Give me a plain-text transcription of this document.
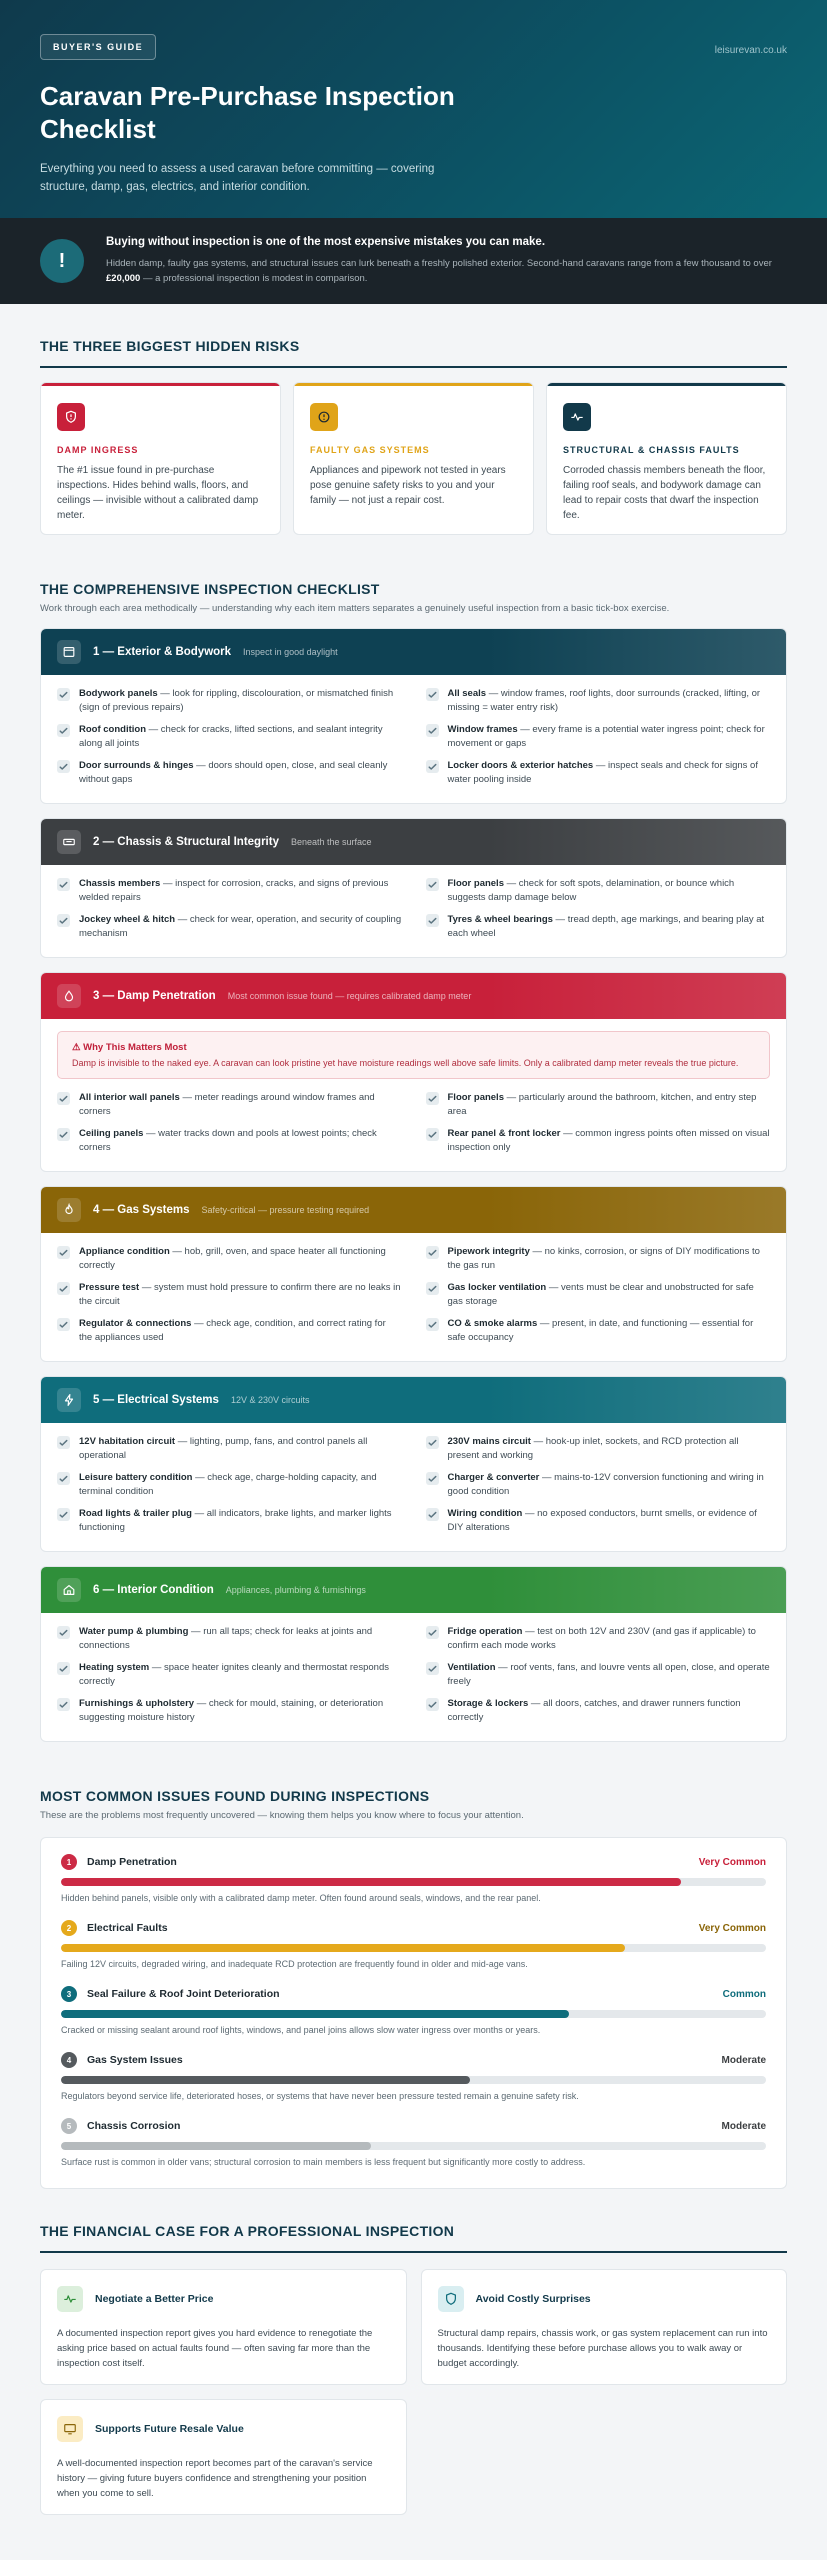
BUYER'S GUIDE	leisurevan.co.uk
Caravan Pre-Purchase Inspection Checklist

Everything you need to assess a used caravan before committing — covering structure, damp, gas, electrics, and interior condition.

!
Buying without inspection is one of the most expensive mistakes you can make.
Hidden damp, faulty gas systems, and structural issues can lurk beneath a freshly polished exterior. Second-hand caravans range from a few thousand to over £20,000 — a professional inspection is modest in comparison.
THE THREE BIGGEST HIDDEN RISKS
DAMP INGRESS
The #1 issue found in pre-purchase inspections. Hides behind walls, floors, and ceilings — invisible without a calibrated damp meter.
FAULTY GAS SYSTEMS
Appliances and pipework not tested in years pose genuine safety risks to you and your family — not just a repair cost.
STRUCTURAL & CHASSIS FAULTS
Corroded chassis members beneath the floor, failing roof seals, and bodywork damage can lead to repair costs that dwarf the inspection fee.
THE COMPREHENSIVE INSPECTION CHECKLIST

Work through each area methodically — understanding why each item matters separates a genuinely useful inspection from a basic tick-box exercise.

1 — Exterior & Bodywork Inspect in good daylight
Bodywork panels — look for rippling, discolouration, or mismatched finish (sign of previous repairs)
All seals — window frames, roof lights, door surrounds (cracked, lifting, or missing = water entry risk)
Roof condition — check for cracks, lifted sections, and sealant integrity along all joints
Window frames — every frame is a potential water ingress point; check for movement or gaps
Door surrounds & hinges — doors should open, close, and seal cleanly without gaps
Locker doors & exterior hatches — inspect seals and check for signs of water pooling inside
2 — Chassis & Structural Integrity Beneath the surface
Chassis members — inspect for corrosion, cracks, and signs of previous welded repairs
Floor panels — check for soft spots, delamination, or bounce which suggests damp damage below
Jockey wheel & hitch — check for wear, operation, and security of coupling mechanism
Tyres & wheel bearings — tread depth, age markings, and bearing play at each wheel
3 — Damp Penetration Most common issue found — requires calibrated damp meter
⚠ Why This Matters Most
Damp is invisible to the naked eye. A caravan can look pristine yet have moisture readings well above safe limits. Only a calibrated damp meter reveals the true picture.
All interior wall panels — meter readings around window frames and corners
Floor panels — particularly around the bathroom, kitchen, and entry step area
Ceiling panels — water tracks down and pools at lowest points; check corners
Rear panel & front locker — common ingress points often missed on visual inspection only
4 — Gas Systems Safety-critical — pressure testing required
Appliance condition — hob, grill, oven, and space heater all functioning correctly
Pipework integrity — no kinks, corrosion, or signs of DIY modifications to the gas run
Pressure test — system must hold pressure to confirm there are no leaks in the circuit
Gas locker ventilation — vents must be clear and unobstructed for safe gas storage
Regulator & connections — check age, condition, and correct rating for the appliances used
CO & smoke alarms — present, in date, and functioning — essential for safe occupancy
5 — Electrical Systems 12V & 230V circuits
12V habitation circuit — lighting, pump, fans, and control panels all operational
230V mains circuit — hook-up inlet, sockets, and RCD protection all present and working
Leisure battery condition — check age, charge-holding capacity, and terminal condition
Charger & converter — mains-to-12V conversion functioning and wiring in good condition
Road lights & trailer plug — all indicators, brake lights, and marker lights functioning
Wiring condition — no exposed conductors, burnt smells, or evidence of DIY alterations
6 — Interior Condition Appliances, plumbing & furnishings
Water pump & plumbing — run all taps; check for leaks at joints and connections
Fridge operation — test on both 12V and 230V (and gas if applicable) to confirm each mode works
Heating system — space heater ignites cleanly and thermostat responds correctly
Ventilation — roof vents, fans, and louvre vents all open, close, and operate freely
Furnishings & upholstery — check for mould, staining, or deterioration suggesting moisture history
Storage & lockers — all doors, catches, and drawer runners function correctly
MOST COMMON ISSUES FOUND DURING INSPECTIONS

These are the problems most frequently uncovered — knowing them helps you know where to focus your attention.

1	Damp Penetration	Very Common
Hidden behind panels, visible only with a calibrated damp meter. Often found around seals, windows, and the rear panel.
2	Electrical Faults	Very Common
Failing 12V circuits, degraded wiring, and inadequate RCD protection are frequently found in older and mid-age vans.
3	Seal Failure & Roof Joint Deterioration	Common
Cracked or missing sealant around roof lights, windows, and panel joins allows slow water ingress over months or years.
4	Gas System Issues	Moderate
Regulators beyond service life, deteriorated hoses, or systems that have never been pressure tested remain a genuine safety risk.
5	Chassis Corrosion	Moderate
Surface rust is common in older vans; structural corrosion to main members is less frequent but significantly more costly to address.
THE FINANCIAL CASE FOR A PROFESSIONAL INSPECTION
Negotiate a Better Price
A documented inspection report gives you hard evidence to renegotiate the asking price based on actual faults found — often saving far more than the inspection cost itself.
Avoid Costly Surprises
Structural damp repairs, chassis work, or gas system replacement can run into thousands. Identifying these before purchase allows you to walk away or budget accordingly.
Supports Future Resale Value
A well-documented inspection report becomes part of the caravan's service history — giving future buyers confidence and strengthening your position when you come to sell.
